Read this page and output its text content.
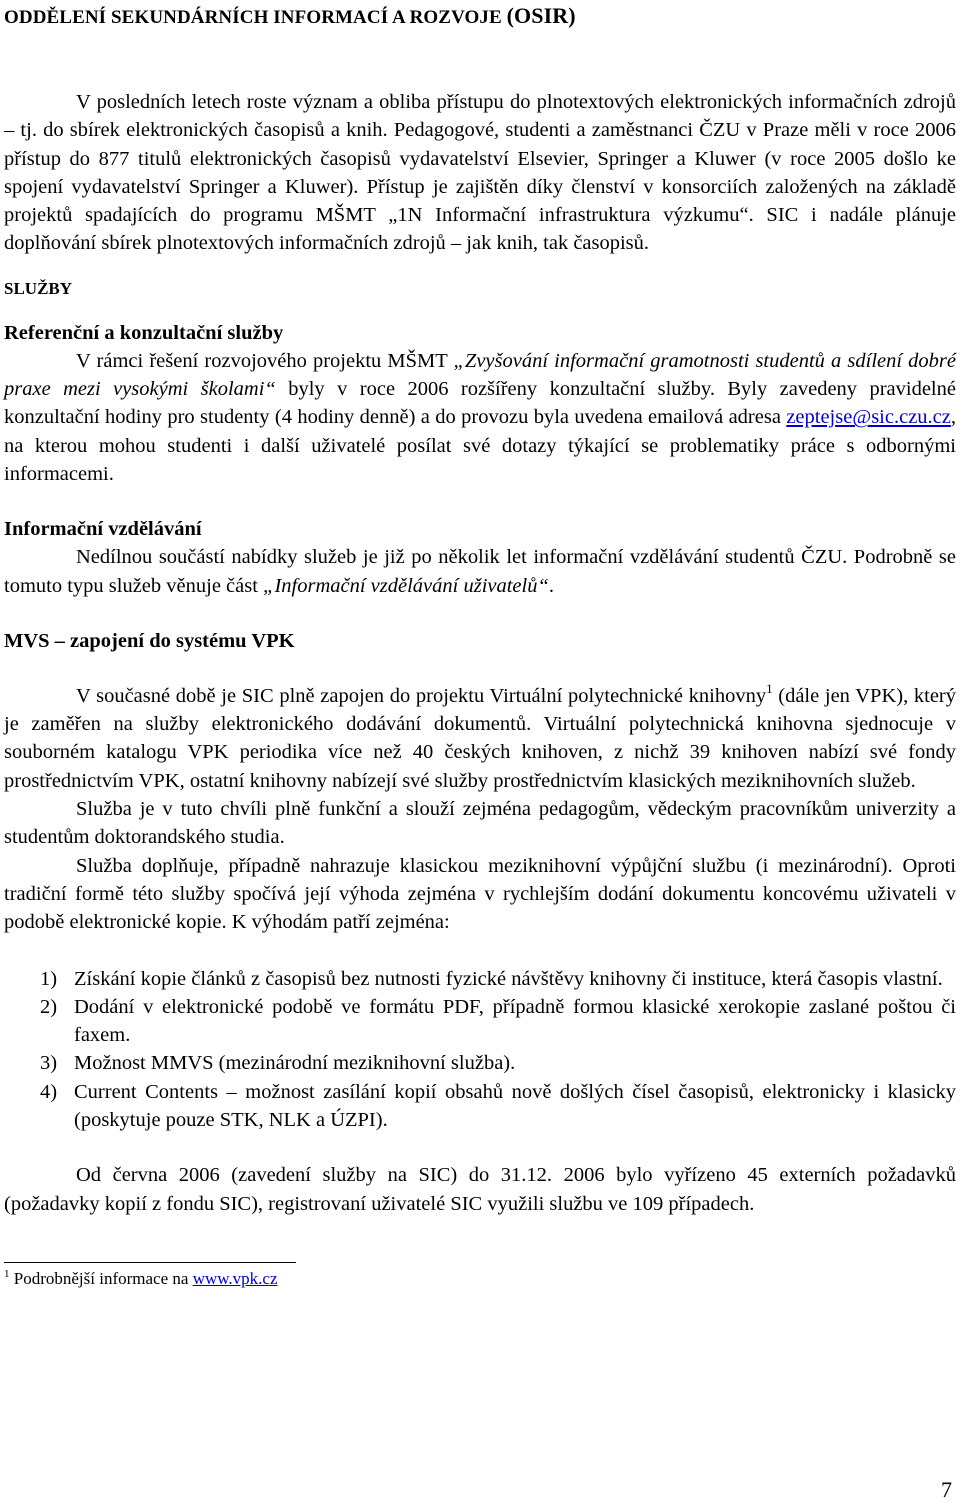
ODDĚLENÍ SEKUNDÁRNÍCH INFORMACÍ A ROZVOJE (OSIR)

V posledních letech roste význam a obliba přístupu do plnotextových elektronických informačních zdrojů – tj. do sbírek elektronických časopisů a knih. Pedagogové, studenti a zaměstnanci ČZU v Praze měli v roce 2006 přístup do 877 titulů elektronických časopisů vydavatelství Elsevier, Springer a Kluwer (v roce 2005 došlo ke spojení vydavatelství Springer a Kluwer). Přístup je zajištěn díky členství v konsorciích založených na základě projektů spadajících do programu MŠMT „1N Informační infrastruktura výzkumu“. SIC i nadále plánuje doplňování sbírek plnotextových informačních zdrojů – jak knih, tak časopisů.

SLUŽBY
Referenční a konzultační služby

V rámci řešení rozvojového projektu MŠMT „Zvyšování informační gramotnosti studentů a sdílení dobré praxe mezi vysokými školami“ byly v roce 2006 rozšířeny konzultační služby. Byly zavedeny pravidelné konzultační hodiny pro studenty (4 hodiny denně) a do provozu byla uvedena emailová adresa zeptejse@sic.czu.cz, na kterou mohou studenti i další uživatelé posílat své dotazy týkající se problematiky práce s odbornými informacemi.

Informační vzdělávání

Nedílnou součástí nabídky služeb je již po několik let informační vzdělávání studentů ČZU. Podrobně se tomuto typu služeb věnuje část „Informační vzdělávání uživatelů“.

MVS – zapojení do systému VPK

V současné době je SIC plně zapojen do projektu Virtuální polytechnické knihovny$^1$ (dále jen VPK), který je zaměřen na služby elektronického dodávání dokumentů. Virtuální polytechnická knihovna sjednocuje v souborném katalogu VPK periodika více než 40 českých knihoven, z nichž 39 knihoven nabízí své fondy prostřednictvím VPK, ostatní knihovny nabízejí své služby prostřednictvím klasických meziknihovních služeb.

Služba je v tuto chvíli plně funkční a slouží zejména pedagogům, vědeckým pracovníkům univerzity a studentům doktorandského studia.

Služba doplňuje, případně nahrazuje klasickou meziknihovní výpůjční službu (i mezinárodní). Oproti tradiční formě této služby spočívá její výhoda zejména v rychlejším dodání dokumentu koncovému uživateli v podobě elektronické kopie. K výhodám patří zejména:

1) Získání kopie článků z časopisů bez nutnosti fyzické návštěvy knihovny či instituce, která časopis vlastní.
2) Dodání v elektronické podobě ve formátu PDF, případně formou klasické xerokopie zaslané poštou či faxem.
3) Možnost MMVS (mezinárodní meziknihovní služba).
4) Current Contents – možnost zasílání kopií obsahů nově došlých čísel časopisů, elektronicky i klasicky (poskytuje pouze STK, NLK a ÚZPI).

Od června 2006 (zavedení služby na SIC) do 31.12. 2006 bylo vyřízeno 45 externích požadavků (požadavky kopií z fondu SIC), registrovaní uživatelé SIC využili službu ve 109 případech.

$^1$ Podrobnější informace na www.vpk.cz
7
